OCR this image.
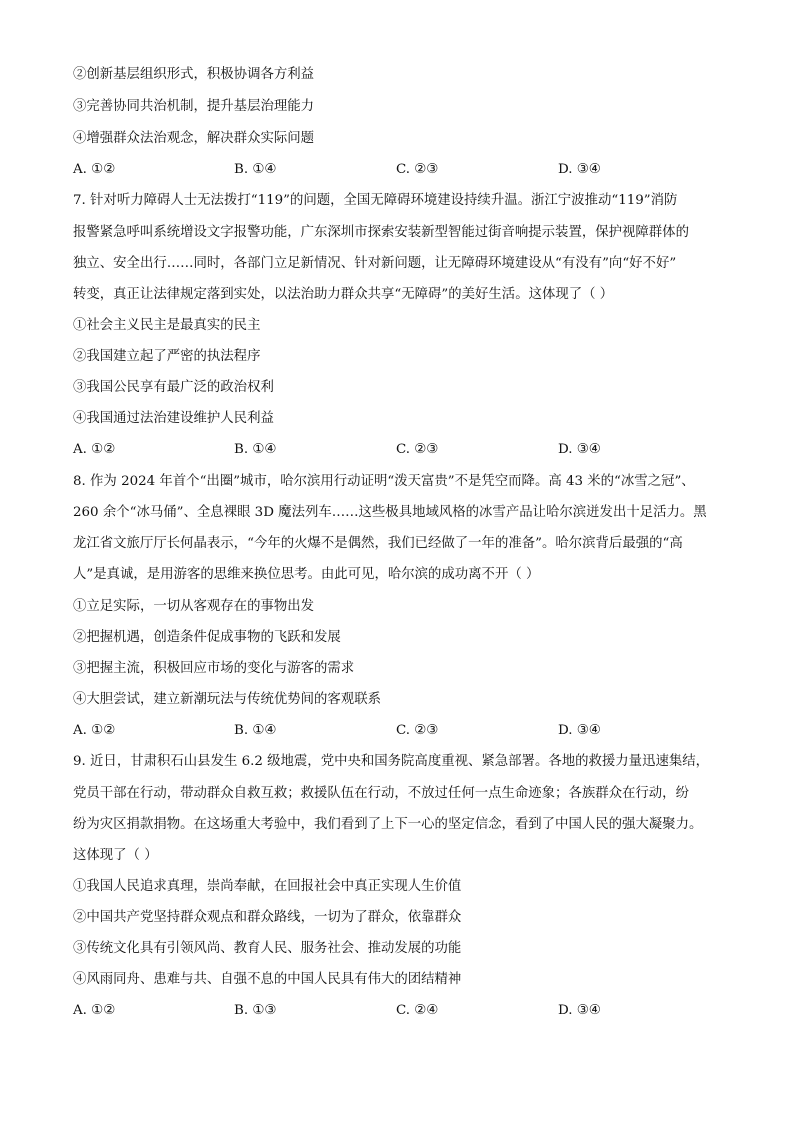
②创新基层组织形式，积极协调各方利益
③完善协同共治机制，提升基层治理能力
④增强群众法治观念，解决群众实际问题
A. ①②	B. ①④	C. ②③	D. ③④
7. 针对听力障碍人士无法拨打“119”的问题，全国无障碍环境建设持续升温。浙江宁波推动“119”消防
报警紧急呼叫系统增设文字报警功能，广东深圳市探索安装新型智能过街音响提示装置，保护视障群体的
独立、安全出行……同时，各部门立足新情况、针对新问题，让无障碍环境建设从“有没有”向“好不好”
转变，真正让法律规定落到实处，以法治助力群众共享“无障碍”的美好生活。这体现了（ ）
①社会主义民主是最真实的民主
②我国建立起了严密的执法程序
③我国公民享有最广泛的政治权利
④我国通过法治建设维护人民利益
A. ①②	B. ①④	C. ②③	D. ③④
8. 作为 2024 年首个“出圈”城市，哈尔滨用行动证明“泼天富贵”不是凭空而降。高 43 米的“冰雪之冠”、
260 余个“冰马俑”、全息裸眼 3D 魔法列车……这些极具地域风格的冰雪产品让哈尔滨迸发出十足活力。黑
龙江省文旅厅厅长何晶表示，“今年的火爆不是偶然，我们已经做了一年的准备”。哈尔滨背后最强的“高
人”是真诚，是用游客的思维来换位思考。由此可见，哈尔滨的成功离不开（ ）
①立足实际，一切从客观存在的事物出发
②把握机遇，创造条件促成事物的飞跃和发展
③把握主流，积极回应市场的变化与游客的需求
④大胆尝试，建立新潮玩法与传统优势间的客观联系
A. ①②	B. ①④	C. ②③	D. ③④
9. 近日，甘肃积石山县发生 6.2 级地震，党中央和国务院高度重视、紧急部署。各地的救援力量迅速集结，
党员干部在行动，带动群众自救互救；救援队伍在行动，不放过任何一点生命迹象；各族群众在行动，纷
纷为灾区捐款捐物。在这场重大考验中，我们看到了上下一心的坚定信念，看到了中国人民的强大凝聚力。
这体现了（ ）
①我国人民追求真理，崇尚奉献，在回报社会中真正实现人生价值
②中国共产党坚持群众观点和群众路线，一切为了群众，依靠群众
③传统文化具有引领风尚、教育人民、服务社会、推动发展的功能
④风雨同舟、患难与共、自强不息的中国人民具有伟大的团结精神
A. ①②	B. ①③	C. ②④	D. ③④
